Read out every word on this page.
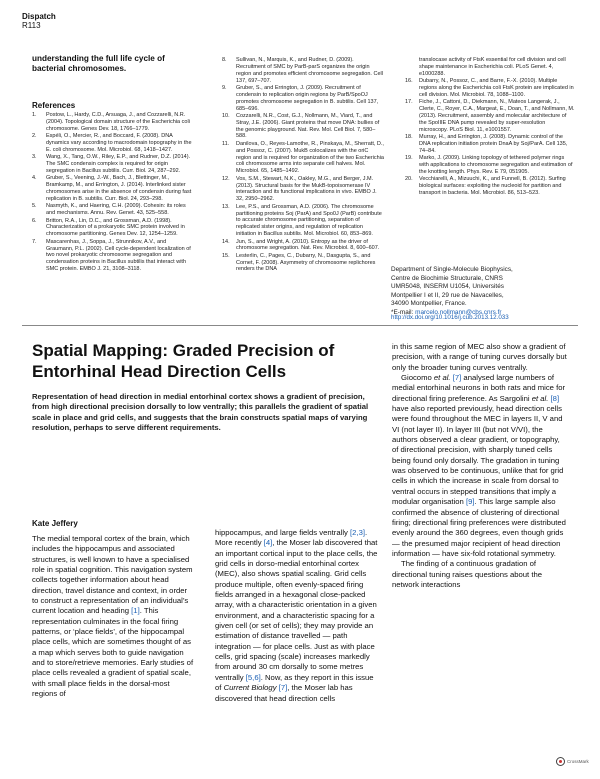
Dispatch
R113
understanding the full life cycle of bacterial chromosomes.
References
1.	Postow, L., Hardy, C.D., Arsuaga, J., and Cozzarelli, N.R. (2004). Topological domain structure of the Escherichia coli chromosome. Genes Dev. 18, 1766–1779.
2.	Espéli, O., Mercier, R., and Boccard, F. (2008). DNA dynamics vary according to macrodomain topography in the E. coli chromosome. Mol. Microbiol. 68, 1418–1427.
3.	Wang, X., Tang, O.W., Riley, E.P., and Rudner, D.Z. (2014). The SMC condensin complex is required for origin segregation in Bacillus subtilis. Curr. Biol. 24, 287–292.
4.	Gruber, S., Veening, J.-W., Bach, J., Blettinger, M., Bramkamp, M., and Errington, J. (2014). Interlinked sister chromosomes arise in the absence of condensin during fast replication in B. subtilis. Curr. Biol. 24, 293–298.
5.	Nasmyth, K., and Haering, C.H. (2009). Cohesin: its roles and mechanisms. Annu. Rev. Genet. 43, 525–558.
6.	Britton, R.A., Lin, D.C., and Grossman, A.D. (1998). Characterization of a prokaryotic SMC protein involved in chromosome partitioning. Genes Dev. 12, 1254–1259.
7.	Mascarenhas, J., Soppa, J., Strunnikov, A.V., and Graumann, P.L. (2002). Cell cycle-dependent localization of two novel prokaryotic chromosome segregation and condensation proteins in Bacillus subtilis that interact with SMC protein. EMBO J. 21, 3108–3118.
8.	Sullivan, N., Marquis, K., and Rudner, D. (2009). Recruitment of SMC by ParB-parS organizes the origin region and promotes efficient chromosome segregation. Cell 137, 697–707.
9.	Gruber, S., and Errington, J. (2009). Recruitment of condensin to replication origin regions by ParB/SpoOJ promotes chromosome segregation in B. subtilis. Cell 137, 685–696.
10.	Cozzarelli, N.R., Cost, G.J., Nollmann, M., Viard, T., and Stray, J.E. (2006). Giant proteins that move DNA: bullies of the genomic playground. Nat. Rev. Mol. Cell Biol. 7, 580–588.
11.	Danilova, O., Reyes-Lamothe, R., Pinskaya, M., Sherratt, D., and Possoz, C. (2007). MukB colocalizes with the oriC region and is required for organization of the two Escherichia coli chromosome arms into separate cell halves. Mol. Microbiol. 65, 1485–1492.
12.	Vos, S.M., Stewart, N.K., Oakley, M.G., and Berger, J.M. (2013). Structural basis for the MukB-topoisomerase IV interaction and its functional implications in vivo. EMBO J. 32, 2950–2962.
13.	Lee, P.S., and Grossman, A.D. (2006). The chromosome partitioning proteins Soj (ParA) and Spo0J (ParB) contribute to accurate chromosome partitioning, separation of replicated sister origins, and regulation of replication initiation in Bacillus subtilis. Mol. Microbiol. 60, 853–869.
14.	Jun, S., and Wright, A. (2010). Entropy as the driver of chromosome segregation. Nat. Rev. Microbiol. 8, 600–607.
15.	Lesterlin, C., Pages, C., Dubarry, N., Dasgupta, S., and Cornet, F. (2008). Asymmetry of chromosome replichores renders the DNA
translocase activity of FtsK essential for cell division and cell shape maintenance in Escherichia coli. PLoS Genet. 4, e1000288.
16.	Dubarry, N., Possoz, C., and Barre, F.-X. (2010). Multiple regions along the Escherichia coli FtsK protein are implicated in cell division. Mol. Microbiol. 78, 1088–1100.
17.	Fiche, J., Cattoni, D., Diekmann, N., Mateos Langerak, J., Clerte, C., Royer, C.A., Margeat, E., Doan, T., and Nollmann, M. (2013). Recruitment, assembly and molecular architecture of the SpoIIIE DNA pump revealed by super-resolution microscopy. PLoS Biol. 11, e1001557.
18.	Murray, H., and Errington, J. (2008). Dynamic control of the DNA replication initiation protein DnaA by Soj/ParA. Cell 135, 74–84.
19.	Marko, J. (2009). Linking topology of tethered polymer rings with applications to chromosome segregation and estimation of the knotting length. Phys. Rev. E 79, 051905.
20.	Vecchiarelli, A., Mizuuchi, K., and Funnell, B. (2012). Surfing biological surfaces: exploiting the nucleoid for partition and transport in bacteria. Mol. Microbiol. 86, 513–523.
Department of Single-Molecule Biophysics,
Centre de Biochimie Structurale, CNRS
UMR5048, INSERM U1054, Universités
Montpellier I et II, 29 rue de Navacelles,
34090 Montpellier, France.
*E-mail: marcelo.nollmann@cbs.cnrs.fr
http://dx.doi.org/10.1016/j.cub.2013.12.033
Spatial Mapping: Graded Precision of
Entorhinal Head Direction Cells
Representation of head direction in medial entorhinal cortex shows a gradient of precision, from high directional precision dorsally to low ventrally; this parallels the gradient of spatial scale in place and grid cells, and suggests that the brain constructs spatial maps of varying resolution, perhaps to serve different requirements.
Kate Jeffery

The medial temporal cortex of the brain, which includes the hippocampus and associated structures, is well known to have a specialised role in spatial cognition. This navigation system collects together information about head direction, travel distance and context, in order to construct a representation of an individual’s current location and heading [1]. This representation culminates in the focal firing patterns, or ‘place fields’, of the hippocampal place cells, which are sometimes thought of as a map which serves both to guide navigation and to store/retrieve memories. Early studies of place cells revealed a gradient of spatial scale, with small place fields in the dorsal-most regions of

hippocampus, and large fields ventrally [2,3]. More recently [4], the Moser lab discovered that an important cortical input to the place cells, the grid cells in dorso-medial entorhinal cortex (MEC), also shows spatial scaling. Grid cells produce multiple, often evenly-spaced firing fields arranged in a hexagonal close-packed array, with a characteristic orientation in a given environment, and a characteristic spacing for a given cell (or set of cells); they may provide an estimation of distance travelled — path integration — for place cells. Just as with place cells, grid spacing (scale) increases markedly from around 30 cm dorsally to some metres ventrally [5,6]. Now, as they report in this issue of Current Biology [7], the Moser lab has discovered that head direction cells

in this same region of MEC also show a gradient of precision, with a range of tuning curves dorsally but only the broader tuning curves ventrally.

Giocomo et al. [7] analysed large numbers of medial entorhinal neurons in both rats and mice for directional firing preference. As Sargolini et al. [8] have also reported previously, head direction cells were found throughout the MEC in layers II, V and VI (not layer II). In layer III (but not V/VI), the authors observed a clear gradient, or topography, of directional precision, with sharply tuned cells being found only dorsally. The gradation in tuning was observed to be continuous, unlike that for grid cells in which the increase in scale from dorsal to ventral occurs in stepped transitions that imply a modular organisation [9]. This large sample also confirmed the absence of clustering of directional firing; directional firing preferences were distributed evenly around the 360 degrees, even though grids — the presumed major recipient of head direction information — have six-fold rotational symmetry.

The finding of a continuous gradation of directional tuning raises questions about the network interactions

CrossMark
